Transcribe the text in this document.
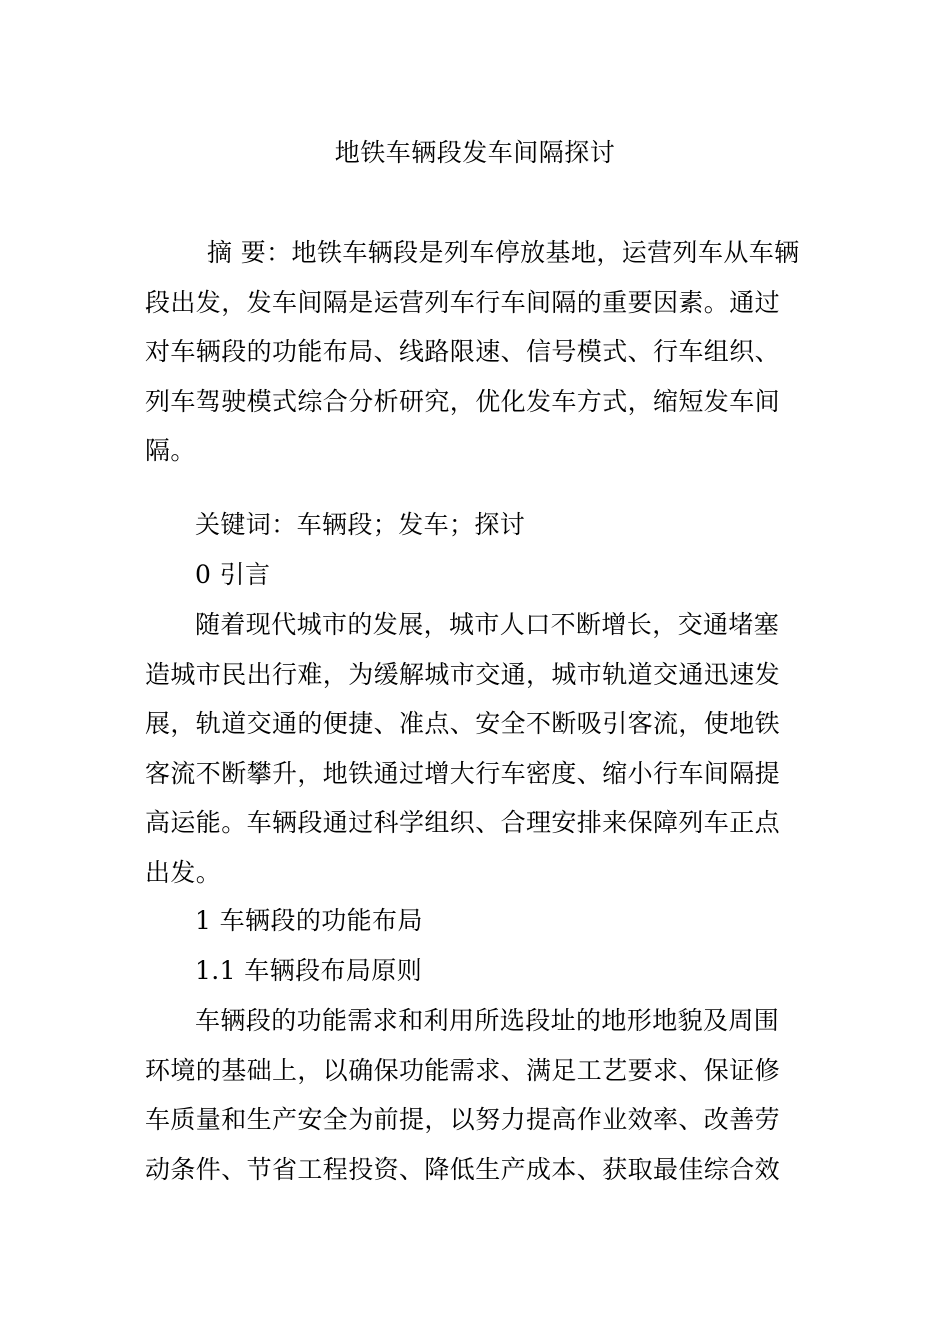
地铁车辆段发车间隔探讨
摘 要：地铁车辆段是列车停放基地，运营列车从车辆
段出发，发车间隔是运营列车行车间隔的重要因素。通过
对车辆段的功能布局、线路限速、信号模式、行车组织、
列车驾驶模式综合分析研究，优化发车方式，缩短发车间
隔。
关键词：车辆段；发车；探讨
0 引言
随着现代城市的发展，城市人口不断增长，交通堵塞
造城市民出行难，为缓解城市交通，城市轨道交通迅速发
展，轨道交通的便捷、准点、安全不断吸引客流，使地铁
客流不断攀升，地铁通过增大行车密度、缩小行车间隔提
高运能。车辆段通过科学组织、合理安排来保障列车正点
出发。
1 车辆段的功能布局
1.1 车辆段布局原则
车辆段的功能需求和利用所选段址的地形地貌及周围
环境的基础上，以确保功能需求、满足工艺要求、保证修
车质量和生产安全为前提，以努力提高作业效率、改善劳
动条件、节省工程投资、降低生产成本、获取最佳综合效
